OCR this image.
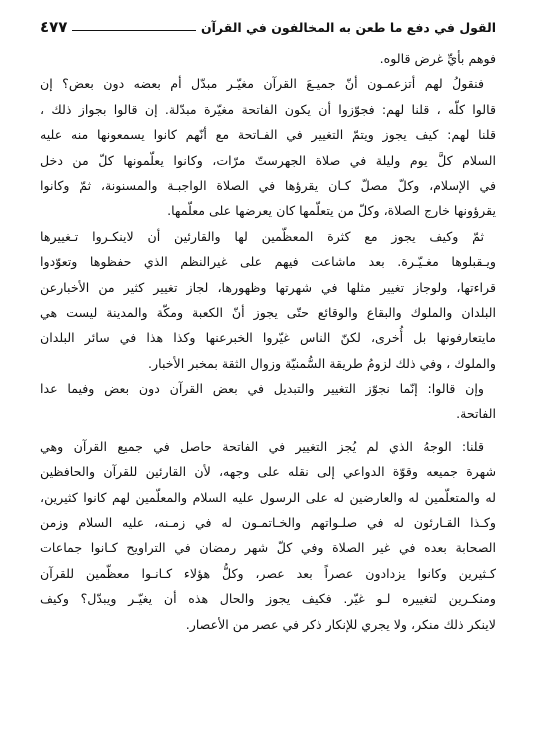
القول في دفع ما طعن به المخالفون في القرآن
٤٧٧
فوهم بأيِّ غرض قالوه.
فنقولُ لهم أتزعمـون أنّ جميـعَ القرآن مغيّـر مبدّل أم بعضه دون بعض؟ إن
قالوا كلّه ، قلنا لهم: فجوّزوا أن يكون الفاتحة مغيّرة مبدّلة. إن قالوا بجواز ذلك ،
قلنا لهم: كيف يجوز ويتمّ التغيير في الفـاتحة مع أنّهم كانوا يسمعونها منه عليه
السلام كلَّ يوم وليلة في صلاة الجهرستّ مرّات، وكانوا يعلّمونها كلّ من دخل
في الإسلام، وكلّ مصلّ كـان يقرؤها في الصلاة الواجبـة والمسنونة، ثمّ وكانوا
يقرؤونها خارج الصلاة، وكلّ من يتعلّمها كان يعرضها على معلّمها.
ثمّ وكيف يجوز مع كثرة المعظّمين لها والقارئين أن لاينكـروا تـغييرها
ويـقبلوها مغـيّـرة. بعد ماشاعت فيهم على غيرالنظم الذي حفظوها وتعوّدوا
قراءتها، ولوجاز تغيير مثلها في شهرتها وظهورها، لجاز تغيير كثير من الأخبارعن
البلدان والملوك والبقاع والوقائع حتّى يجوز أنّ الكعبة ومكّة والمدينة ليست هي
مايتعارفونها بل أُخرى، لكنّ الناس غيّروا الخبرعنها وكذا هذا في سائر البلدان
والملوك ، وفي ذلك لزومُ طريقة السُّمنيّة وزوال الثقة بمخبر الأخبار.
وإن قالوا: إنّما نجوّز التغيير والتبديل في بعض القرآن دون بعض وفيما عدا
الفاتحة.
قلنا: الوجهُ الذي لم يُجز التغيير في الفاتحة حاصل في جميع القرآن وهي
شهرة جميعه وقوّة الدواعي إلى نقله على وجهه، لأن القارئين للقرآن والحافظين
له والمتعلّمين له والعارضين له على الرسول عليه السلام والمعلّمين لهم كانوا كثيرين،
وكـذا القـارئون له في صلـواتهم والخـاتمـون له في زمـنه، عليه السلام وزمن
الصحابة بعده في غير الصلاة وفي كلّ شهر رمضان في التراويح كـانوا جماعات
كـثيرين وكانوا يزدادون عصراً بعد عصر، وكلُّ هؤلاء كـانـوا معظّمين للقرآن
ومنكـرين لتغييره لـو غيّر. فكيف يجوز والحال هذه أن يغيّـر ويبدّل؟ وكيف
لاينكر ذلك منكر، ولا يجري للإنكار ذكر في عصر من الأعصار.
